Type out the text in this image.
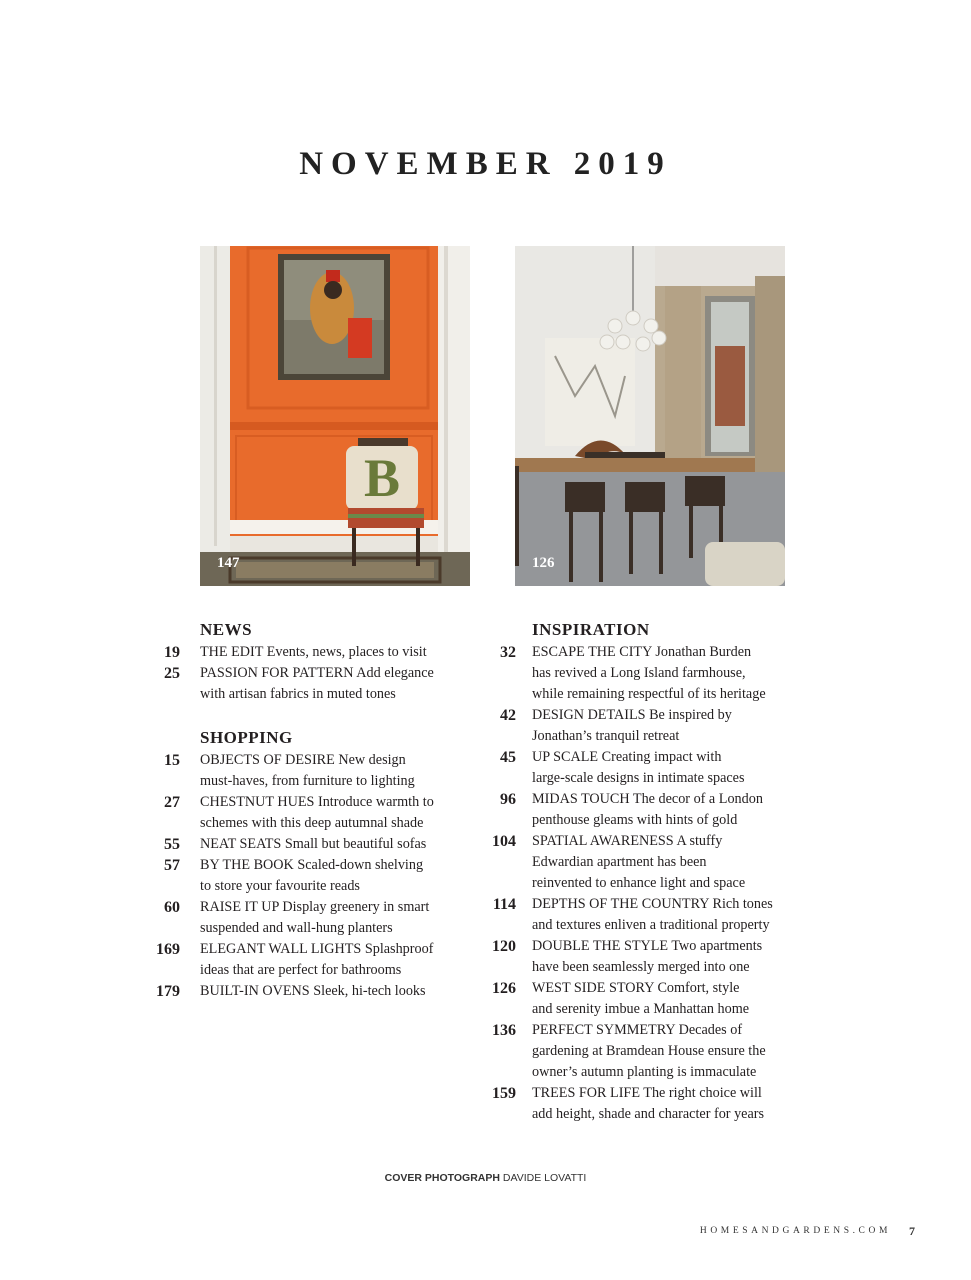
NOVEMBER 2019
B
147	126
NEWS
19 THE EDIT Events, news, places to visit
25 PASSION FOR PATTERN Add elegance
with artisan fabrics in muted tones
SHOPPING
15 OBJECTS OF DESIRE New design
must-haves, from furniture to lighting
27 CHESTNUT HUES Introduce warmth to
schemes with this deep autumnal shade
55 NEAT SEATS Small but beautiful sofas
57 BY THE BOOK Scaled-down shelving
to store your favourite reads
60 RAISE IT UP Display greenery in smart
suspended and wall-hung planters
169 ELEGANT WALL LIGHTS Splashproof
ideas that are perfect for bathrooms
179 BUILT-IN OVENS Sleek, hi-tech looks
INSPIRATION
32 ESCAPE THE CITY Jonathan Burden
has revived a Long Island farmhouse,
while remaining respectful of its heritage
42 DESIGN DETAILS Be inspired by
Jonathan’s tranquil retreat
45 UP SCALE Creating impact with
large-scale designs in intimate spaces
96 MIDAS TOUCH The decor of a London
penthouse gleams with hints of gold
104 SPATIAL AWARENESS A stuffy
Edwardian apartment has been
reinvented to enhance light and space
114 DEPTHS OF THE COUNTRY Rich tones
and textures enliven a traditional property
120 DOUBLE THE STYLE Two apartments
have been seamlessly merged into one
126 WEST SIDE STORY Comfort, style
and serenity imbue a Manhattan home
136 PERFECT SYMMETRY Decades of
gardening at Bramdean House ensure the
owner’s autumn planting is immaculate
159 TREES FOR LIFE The right choice will
add height, shade and character for years
COVER PHOTOGRAPH DAVIDE LOVATTI
HOMESANDGARDENS.COM 7
